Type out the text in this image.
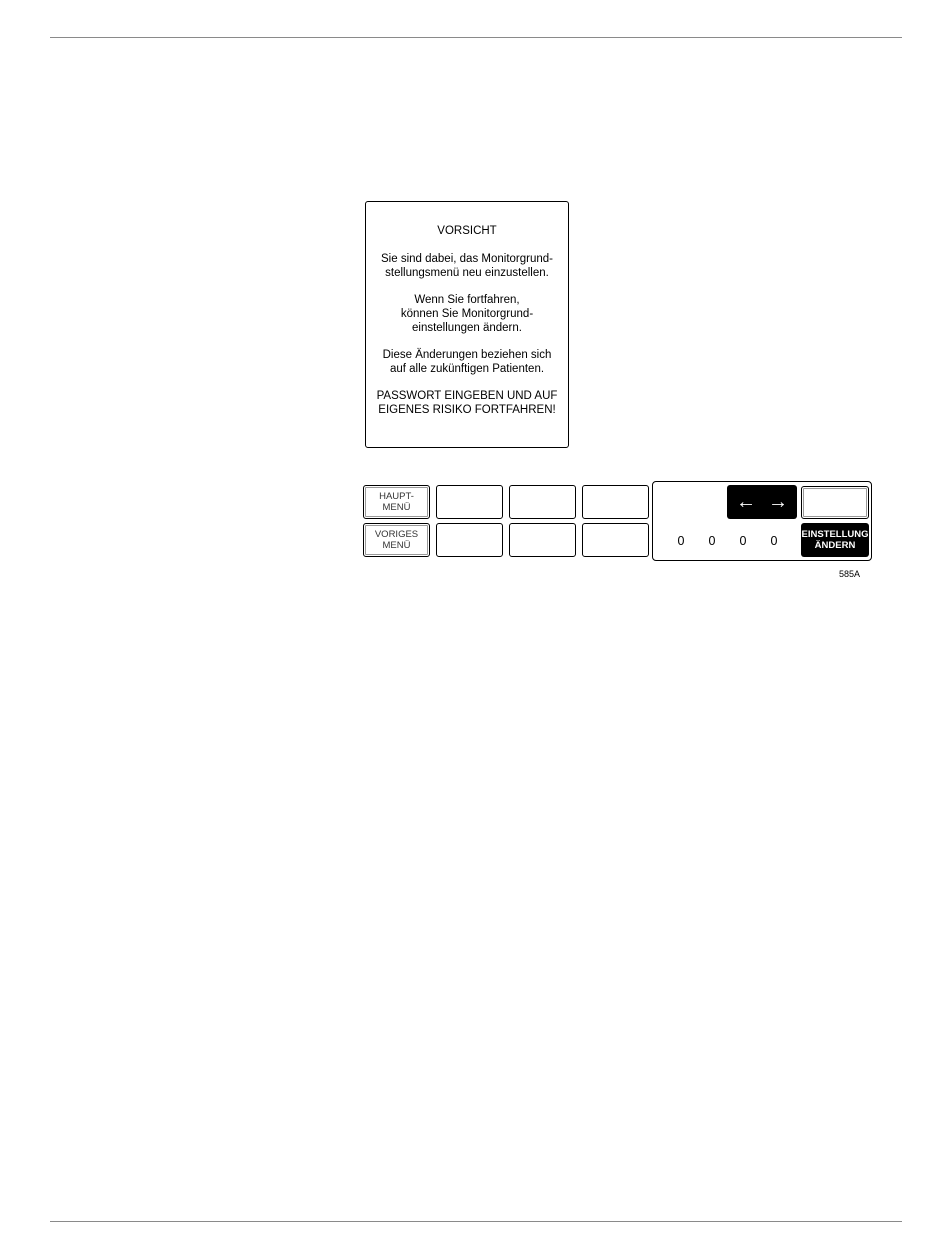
VORSICHT

Sie sind dabei, das Monitorgrund-
stellungsmenü neu einzustellen.

Wenn Sie fortfahren,
können Sie Monitorgrund-
einstellungen ändern.

Diese Änderungen beziehen sich
auf alle zukünftigen Patienten.

PASSWORT EINGEBEN UND AUF
EIGENES RISIKO FORTFAHREN!

HAUPT-
MENÜ
VORIGES
MENÜ
← →
0 0 0 0	EINSTELLUNG
ÄNDERN
585A
